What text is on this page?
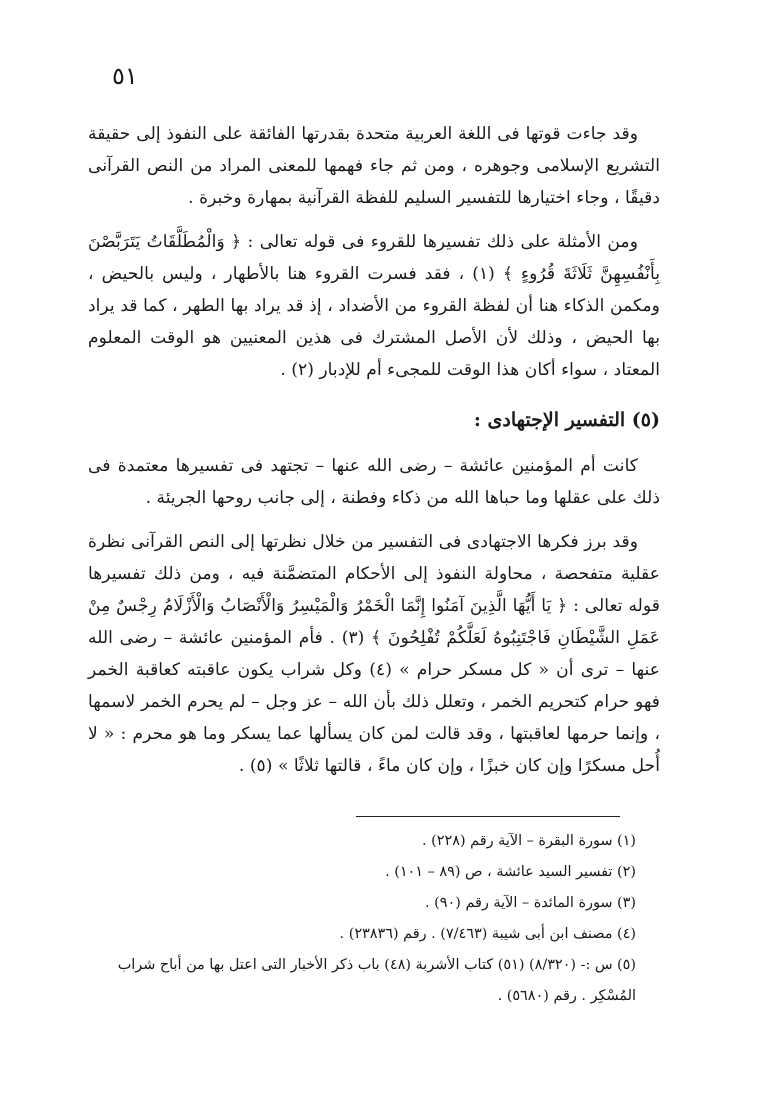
٥١

وقد جاءت قوتها فى اللغة العربية متحدة بقدرتها الفائقة على النفوذ إلى حقيقة التشريع الإسلامى وجوهره ، ومن ثم جاء فهمها للمعنى المراد من النص القرآنى دقيقًا ، وجاء اختيارها للتفسير السليم للفظة القرآنية بمهارة وخبرة .

ومن الأمثلة على ذلك تفسيرها للقروء فى قوله تعالى : ﴿ وَالْمُطَلَّقَاتُ يَتَرَبَّصْنَ بِأَنْفُسِهِنَّ ثَلَاثَةَ قُرُوءٍ ﴾ (١) ، فقد فسرت القروء هنا بالأطهار ، وليس بالحيض ، ومكمن الذكاء هنا أن لفظة القروء من الأضداد ، إذ قد يراد بها الطهر ، كما قد يراد بها الحيض ، وذلك لأن الأصل المشترك فى هذين المعنيين هو الوقت المعلوم المعتاد ، سواء أكان هذا الوقت للمجىء أم للإدبار (٢) .

(٥) التفسير الإجتهادى :

كانت أم المؤمنين عائشة – رضى الله عنها – تجتهد فى تفسيرها معتمدة فى ذلك على عقلها وما حباها الله من ذكاء وفطنة ، إلى جانب روحها الجريئة .

وقد برز فكرها الاجتهادى فى التفسير من خلال نظرتها إلى النص القرآنى نظرة عقلية متفحصة ، محاولة النفوذ إلى الأحكام المتضمَّنة فيه ، ومن ذلك تفسيرها قوله تعالى : ﴿ يَا أَيُّهَا الَّذِينَ آمَنُوا إِنَّمَا الْخَمْرُ وَالْمَيْسِرُ وَالْأَنْصَابُ وَالْأَزْلَامُ رِجْسٌ مِنْ عَمَلِ الشَّيْطَانِ فَاجْتَنِبُوهُ لَعَلَّكُمْ تُفْلِحُونَ ﴾ (٣) . فأم المؤمنين عائشة – رضى الله عنها – ترى أن « كل مسكر حرام » (٤) وكل شراب يكون عاقبته كعاقبة الخمر فهو حرام كتحريم الخمر ، وتعلل ذلك بأن الله – عز وجل – لم يحرم الخمر لاسمها ، وإنما حرمها لعاقبتها ، وقد قالت لمن كان يسألها عما يسكر وما هو محرم : « لا أُحل مسكرًا وإن كان خبزًا ، وإن كان ماءً ، قالتها ثلاثًا » (٥) .

(١) سورة البقرة – الآية رقم (٢٢٨) .

(٢) تفسير السيد عائشة ، ص (٨٩ – ١٠١) .

(٣) سورة المائدة – الآية رقم (٩٠) .

(٤) مصنف ابن أبى شيبة (٧/٤٦٣) . رقم (٢٣٨٣٦) .

(٥) س :- (٨/٣٢٠) (٥١) كتاب الأشربة (٤٨) باب ذكر الأخبار التى اعتل بها من أباح شراب المُسْكِر . رقم (٥٦٨٠) .
